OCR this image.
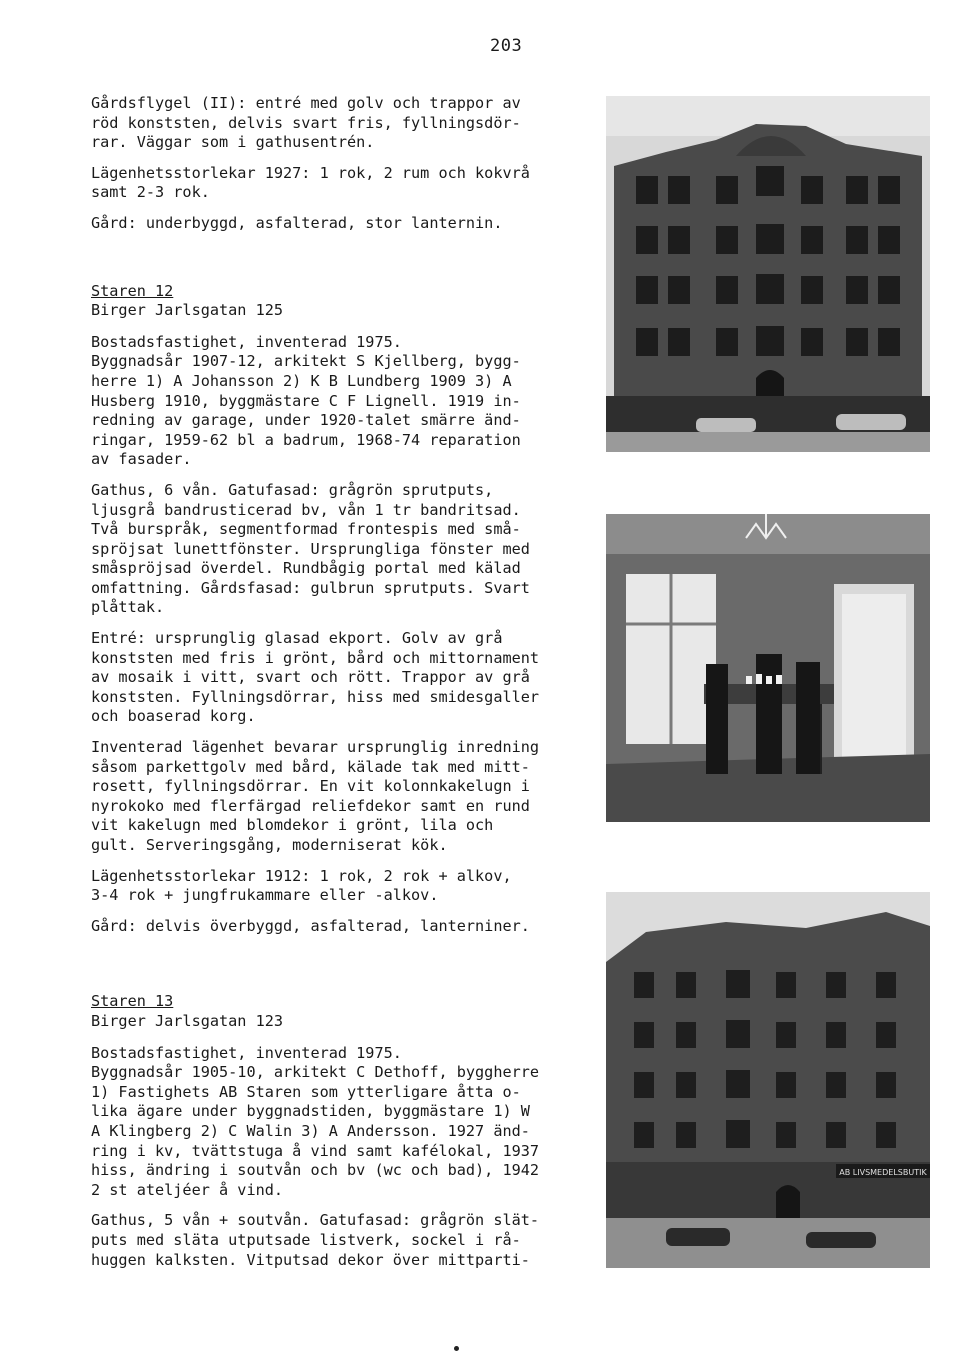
203
Gårdsflygel (II): entré med golv och trappor av
röd konststen, delvis svart fris, fyllningsdör-
rar. Väggar som i gathusentrén.
Lägenhetsstorlekar 1927: 1 rok, 2 rum och kokvrå
samt 2-3 rok.
Gård: underbyggd, asfalterad, stor lanternin.
Staren 12
Birger Jarlsgatan 125
Bostadsfastighet, inventerad 1975.
Byggnadsår 1907-12, arkitekt S Kjellberg, bygg-
herre 1) A Johansson 2) K B Lundberg 1909 3) A
Husberg 1910, byggmästare C F Lignell. 1919 in-
redning av garage, under 1920-talet smärre änd-
ringar, 1959-62 bl a badrum, 1968-74 reparation
av fasader.
Gathus, 6 vån. Gatufasad: grågrön sprutputs,
ljusgrå bandrusticerad bv, vån 1 tr bandritsad.
Två burspråk, segmentformad frontespis med små-
spröjsat lunettfönster. Ursprungliga fönster med
småspröjsad överdel. Rundbågig portal med kälad
omfattning. Gårdsfasad: gulbrun sprutputs. Svart
plåttak.
Entré: ursprunglig glasad ekport. Golv av grå
konststen med fris i grönt, bård och mittornament
av mosaik i vitt, svart och rött. Trappor av grå
konststen. Fyllningsdörrar, hiss med smidesgaller
och boaserad korg.
Inventerad lägenhet bevarar ursprunglig inredning
såsom parkettgolv med bård, kälade tak med mitt-
rosett, fyllningsdörrar. En vit kolonnkakelugn i
nyrokoko med flerfärgad reliefdekor samt en rund
vit kakelugn med blomdekor i grönt, lila och
gult. Serveringsgång, moderniserat kök.
Lägenhetsstorlekar 1912: 1 rok, 2 rok + alkov,
3-4 rok + jungfrukammare eller -alkov.
Gård: delvis överbyggd, asfalterad, lanterniner.
Staren 13
Birger Jarlsgatan 123
Bostadsfastighet, inventerad 1975.
Byggnadsår 1905-10, arkitekt C Dethoff, byggherre
1) Fastighets AB Staren som ytterligare åtta o-
lika ägare under byggnadstiden, byggmästare 1) W
A Klingberg 2) C Walin 3) A Andersson. 1927 änd-
ring i kv, tvättstuga å vind samt kafélokal, 1937
hiss, ändring i soutvån och bv (wc och bad), 1942
2 st ateljéer å vind.
Gathus, 5 vån + soutvån. Gatufasad: grågrön slät-
puts med släta utputsade listverk, sockel i rå-
huggen kalksten. Vitputsad dekor över mittparti-
AB LIVSMEDELSBUTIK
